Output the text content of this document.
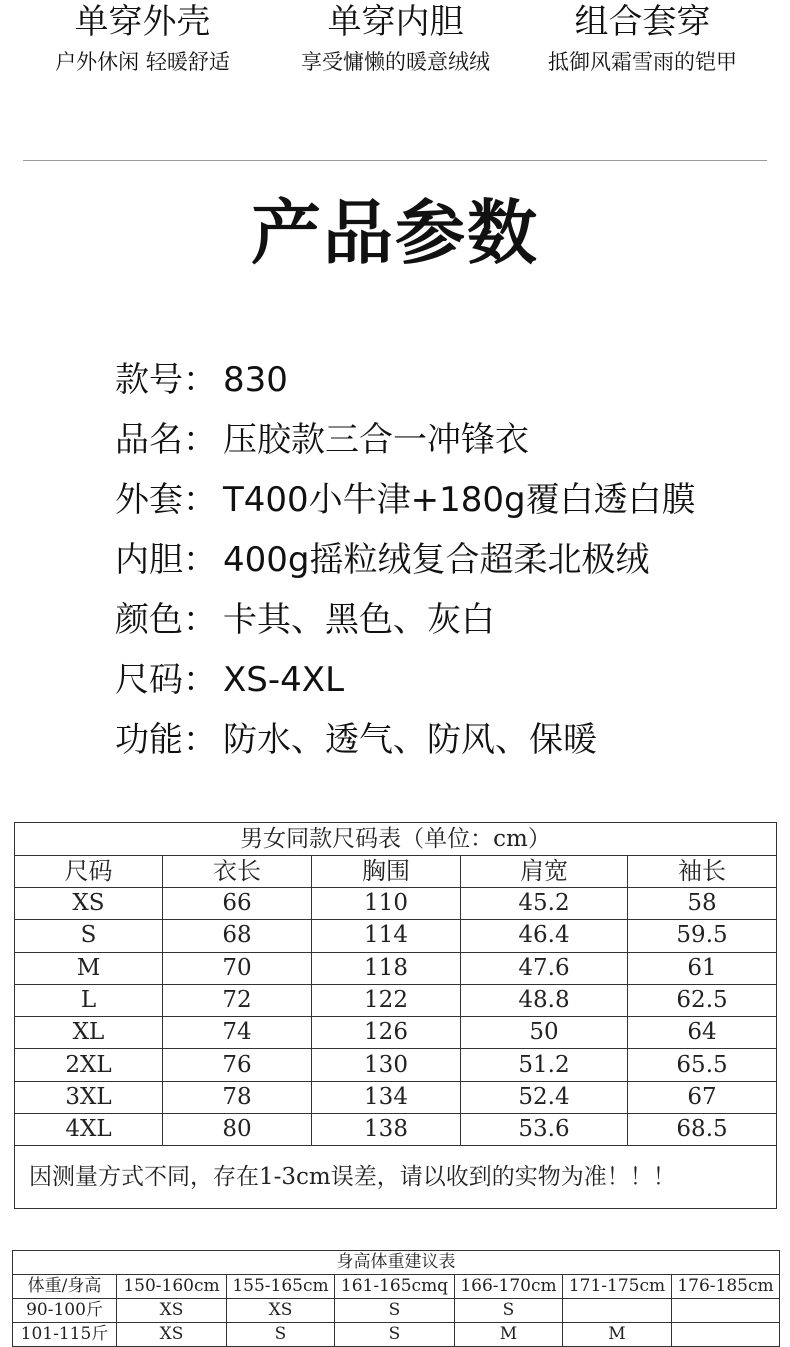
单穿外壳
户外休闲 轻暖舒适
单穿内胆
享受慵懒的暖意绒绒
组合套穿
抵御风霜雪雨的铠甲
产品参数
款号： 830
品名： 压胶款三合一冲锋衣
外套： T400小牛津+180g覆白透白膜
内胆： 400g摇粒绒复合超柔北极绒
颜色： 卡其、黑色、灰白
尺码： XS-4XL
功能： 防水、透气、防风、保暖
男女同款尺码表（单位：cm）				
尺码	衣长	胸围	肩宽	袖长
XS	66	110	45.2	58
S	68	114	46.4	59.5
M	70	118	47.6	61
L	72	122	48.8	62.5
XL	74	126	50	64
2XL	76	130	51.2	65.5
3XL	78	134	52.4	67
4XL	80	138	53.6	68.5
因测量方式不同，存在1-3cm误差，请以收到的实物为准！！！				
身高体重建议表						
体重/身高	150-160cm	155-165cm	161-165cmq	166-170cm	171-175cm	176-185cm
90-100斤	XS	XS	S	S		
101-115斤	XS	S	S	M	M	
